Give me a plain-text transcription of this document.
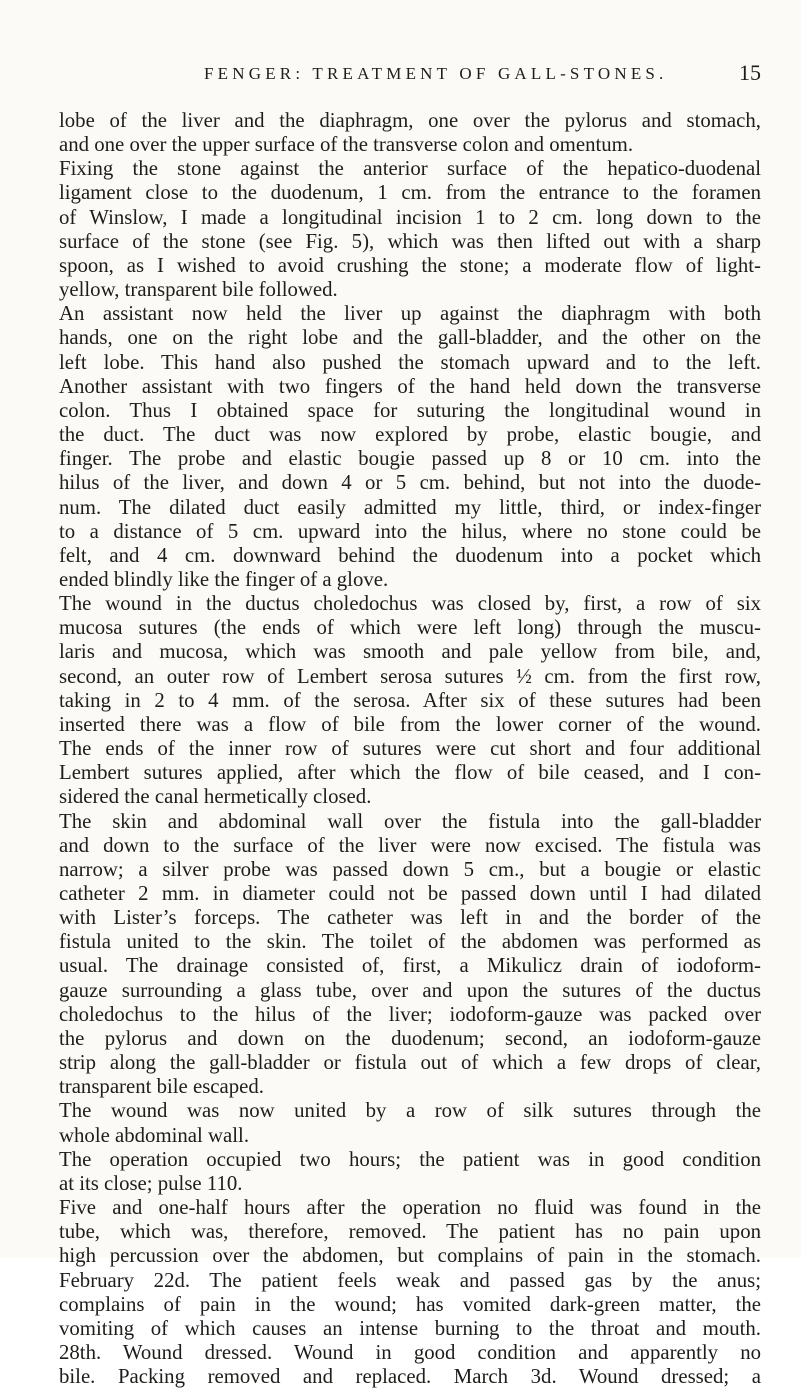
FENGER: TREATMENT OF GALL-STONES.	15
lobe of the liver and the diaphragm, one over the pylorus and stomach,
and one over the upper surface of the transverse colon and omentum.
Fixing the stone against the anterior surface of the hepatico-duodenal
ligament close to the duodenum, 1 cm. from the entrance to the foramen
of Winslow, I made a longitudinal incision 1 to 2 cm. long down to the
surface of the stone (see Fig. 5), which was then lifted out with a sharp
spoon, as I wished to avoid crushing the stone; a moderate flow of light-
yellow, transparent bile followed.
An assistant now held the liver up against the diaphragm with both
hands, one on the right lobe and the gall-bladder, and the other on the
left lobe. This hand also pushed the stomach upward and to the left.
Another assistant with two fingers of the hand held down the transverse
colon. Thus I obtained space for suturing the longitudinal wound in
the duct. The duct was now explored by probe, elastic bougie, and
finger. The probe and elastic bougie passed up 8 or 10 cm. into the
hilus of the liver, and down 4 or 5 cm. behind, but not into the duode-
num. The dilated duct easily admitted my little, third, or index-finger
to a distance of 5 cm. upward into the hilus, where no stone could be
felt, and 4 cm. downward behind the duodenum into a pocket which
ended blindly like the finger of a glove.
The wound in the ductus choledochus was closed by, first, a row of six
mucosa sutures (the ends of which were left long) through the muscu-
laris and mucosa, which was smooth and pale yellow from bile, and,
second, an outer row of Lembert serosa sutures ½ cm. from the first row,
taking in 2 to 4 mm. of the serosa. After six of these sutures had been
inserted there was a flow of bile from the lower corner of the wound.
The ends of the inner row of sutures were cut short and four additional
Lembert sutures applied, after which the flow of bile ceased, and I con-
sidered the canal hermetically closed.
The skin and abdominal wall over the fistula into the gall-bladder
and down to the surface of the liver were now excised. The fistula was
narrow; a silver probe was passed down 5 cm., but a bougie or elastic
catheter 2 mm. in diameter could not be passed down until I had dilated
with Lister’s forceps. The catheter was left in and the border of the
fistula united to the skin. The toilet of the abdomen was performed as
usual. The drainage consisted of, first, a Mikulicz drain of iodoform-
gauze surrounding a glass tube, over and upon the sutures of the ductus
choledochus to the hilus of the liver; iodoform-gauze was packed over
the pylorus and down on the duodenum; second, an iodoform-gauze
strip along the gall-bladder or fistula out of which a few drops of clear,
transparent bile escaped.
The wound was now united by a row of silk sutures through the
whole abdominal wall.
The operation occupied two hours; the patient was in good condition
at its close; pulse 110.
Five and one-half hours after the operation no fluid was found in the
tube, which was, therefore, removed. The patient has no pain upon
high percussion over the abdomen, but complains of pain in the stomach.
February 22d. The patient feels weak and passed gas by the anus;
complains of pain in the wound; has vomited dark-green matter, the
vomiting of which causes an intense burning to the throat and mouth.
28th. Wound dressed. Wound in good condition and apparently no
bile. Packing removed and replaced. March 3d. Wound dressed; a
